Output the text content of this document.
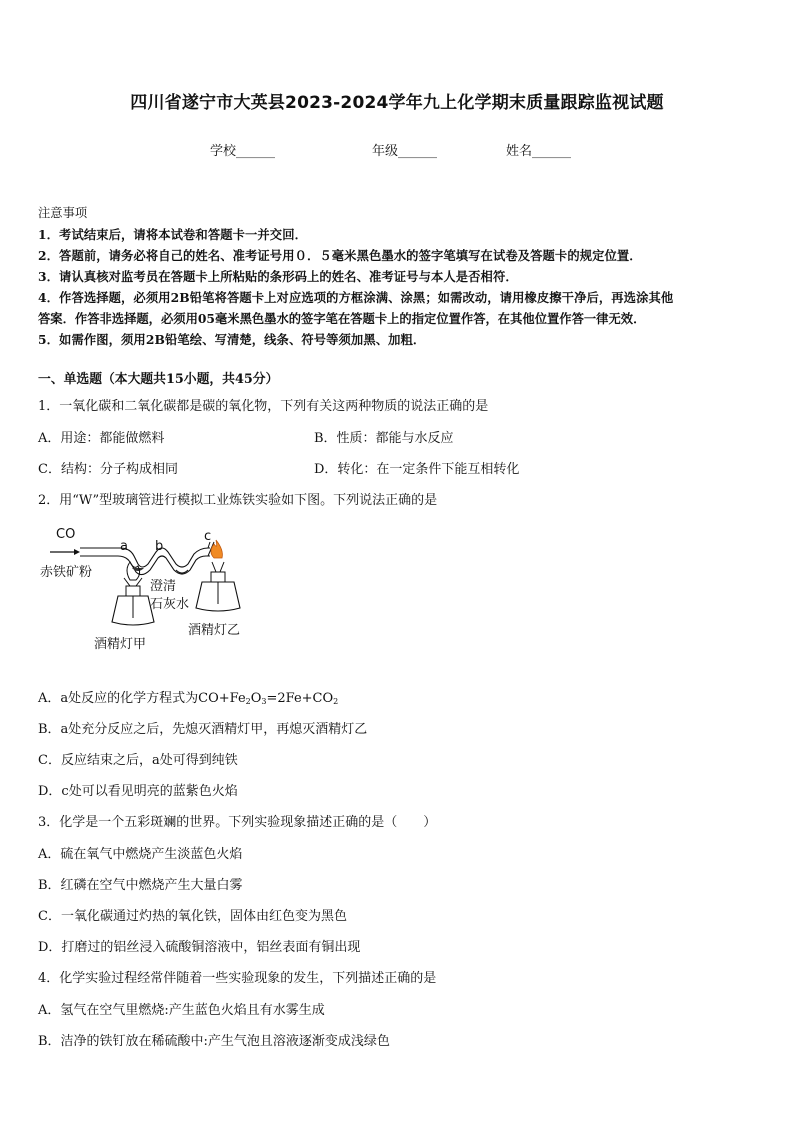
四川省遂宁市大英县2023-2024学年九上化学期末质量跟踪监视试题
学校______	年级______	姓名______
注意事项
1．考试结束后，请将本试卷和答题卡一并交回．
2．答题前，请务必将自己的姓名、准考证号用０．５毫米黑色墨水的签字笔填写在试卷及答题卡的规定位置．
3．请认真核对监考员在答题卡上所粘贴的条形码上的姓名、准考证号与本人是否相符．
4．作答选择题，必须用2B铅笔将答题卡上对应选项的方框涂满、涂黑；如需改动，请用橡皮擦干净后，再选涂其他
答案．作答非选择题，必须用05毫米黑色墨水的签字笔在答题卡上的指定位置作答，在其他位置作答一律无效．
5．如需作图，须用2B铅笔绘、写清楚，线条、符号等须加黑、加粗．
一、单选题（本大题共15小题，共45分）
1．一氧化碳和二氧化碳都是碳的氧化物，下列有关这两种物质的说法正确的是
A．用途：都能做燃料	B．性质：都能与水反应
C．结构：分子构成相同	D．转化：在一定条件下能互相转化
2．用“W”型玻璃管进行模拟工业炼铁实验如下图。下列说法正确的是
CO
a b
c
赤铁矿粉
澄清
石灰水
酒精灯甲
酒精灯乙
A．a处反应的化学方程式为$CO+Fe_2O_3=2Fe+CO_2$
B．a处充分反应之后，先熄灭酒精灯甲，再熄灭酒精灯乙
C．反应结束之后，a处可得到纯铁
D．c处可以看见明亮的蓝紫色火焰
3．化学是一个五彩斑斓的世界。下列实验现象描述正确的是（　　）
A．硫在氧气中燃烧产生淡蓝色火焰
B．红磷在空气中燃烧产生大量白雾
C．一氧化碳通过灼热的氧化铁，固体由红色变为黑色
D．打磨过的铝丝浸入硫酸铜溶液中，铝丝表面有铜出现
4．化学实验过程经常伴随着一些实验现象的发生，下列描述正确的是
A．氢气在空气里燃烧:产生蓝色火焰且有水雾生成
B．洁净的铁钉放在稀硫酸中:产生气泡且溶液逐渐变成浅绿色
